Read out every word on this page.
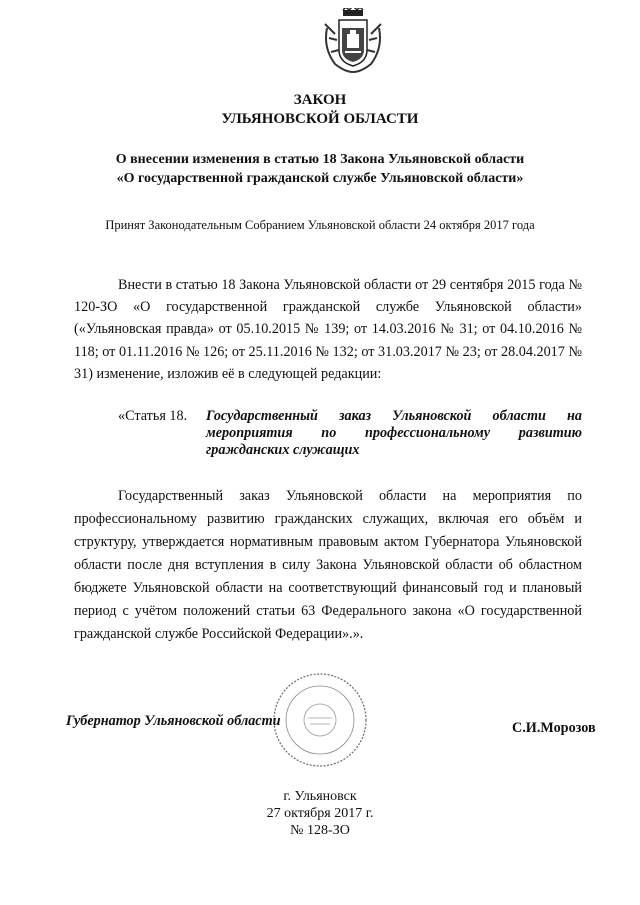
ЗАКОН
УЛЬЯНОВСКОЙ ОБЛАСТИ
О внесении изменения в статью 18 Закона Ульяновской области
«О государственной гражданской службе Ульяновской области»
Принят Законодательным Собранием Ульяновской области 24 октября 2017 года
Внести в статью 18 Закона Ульяновской области от 29 сентября 2015 года № 120-ЗО «О государственной гражданской службе Ульяновской области» («Ульяновская правда» от 05.10.2015 № 139; от 14.03.2016 № 31; от 04.10.2016 № 118; от 01.11.2016 № 126; от 25.11.2016 № 132; от 31.03.2017 № 23; от 28.04.2017 № 31) изменение, изложив её в следующей редакции:
«Статья 18. Государственный заказ Ульяновской области на мероприятия по профессиональному развитию гражданских служащих
Государственный заказ Ульяновской области на мероприятия по профессиональному развитию гражданских служащих, включая его объём и структуру, утверждается нормативным правовым актом Губернатора Ульяновской области после дня вступления в силу Закона Ульяновской области об областном бюджете Ульяновской области на соответствующий финансовый год и плановый период с учётом положений статьи 63 Федерального закона «О государственной гражданской службе Российской Федерации».».
Губернатор Ульяновской области	С.И.Морозов
г. Ульяновск
27 октября 2017 г.
№ 128-ЗО
